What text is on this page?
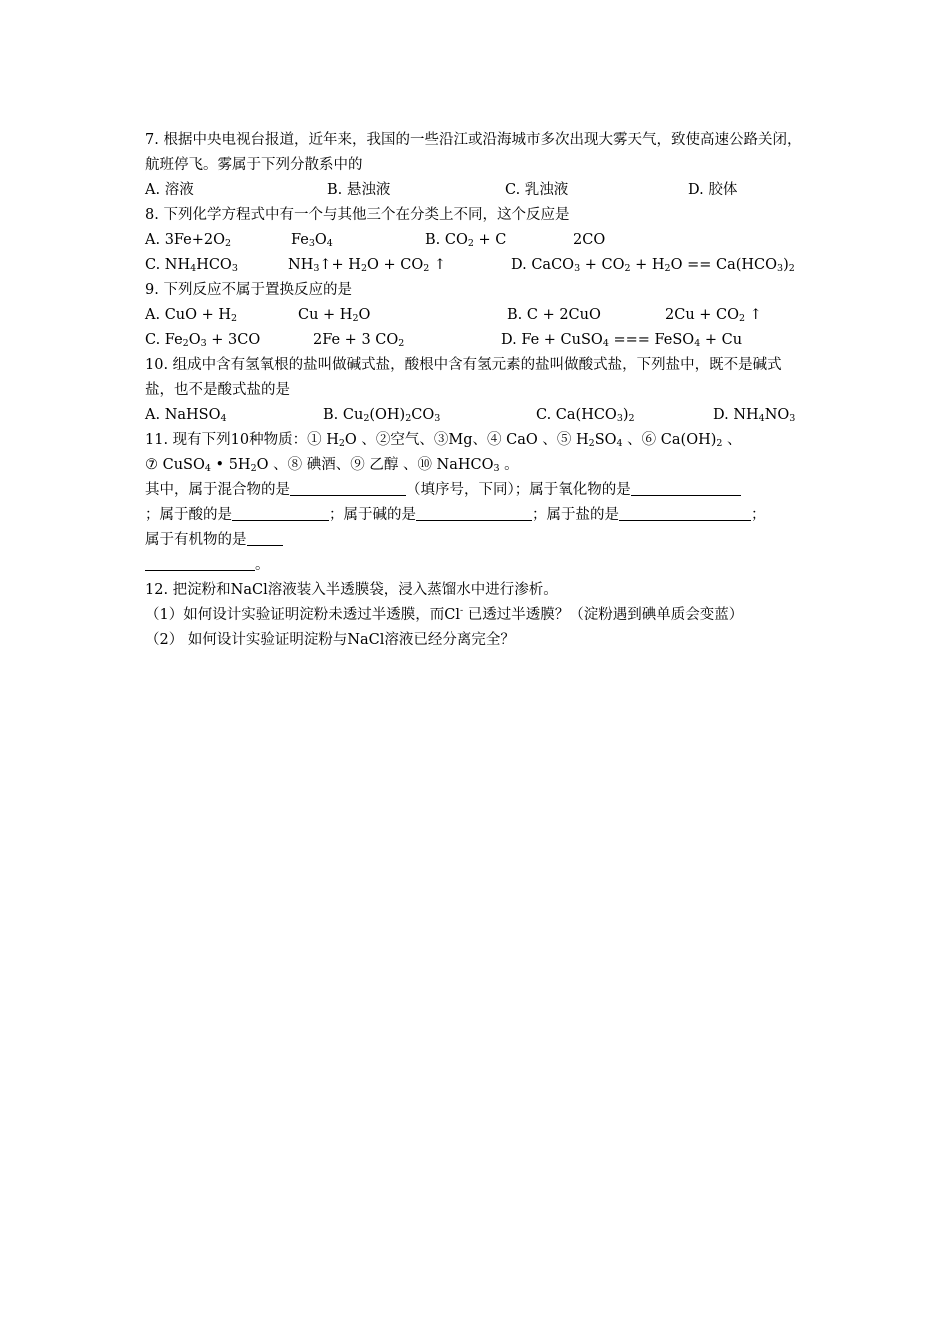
7. 根据中央电视台报道，近年来，我国的一些沿江或沿海城市多次出现大雾天气，致使高速公路关闭，航班停飞。雾属于下列分散系中的
A. 溶液	B. 悬浊液	C. 乳浊液	D. 胶体
8. 下列化学方程式中有一个与其他三个在分类上不同，这个反应是
A. $3Fe+2O_2$	$Fe_3O_4$	B. $CO_2 + C$	2CO
C. $NH_4HCO_3$	$NH_3↑+ H_2O + CO_2$ ↑	D. CaCO$_3$ + $CO_2 + H_2O == Ca(HCO_3)_2$
9. 下列反应不属于置换反应的是
A. CuO + $H_2$	$Cu + H_2O$	B. C + 2CuO	$2Cu + CO_2$ ↑
C. $Fe_2O_3 + 3CO$	2Fe + 3 $CO_2$	D. Fe + CuSO$_4$ === FeSO$_4$ + Cu
10. 组成中含有氢氧根的盐叫做碱式盐，酸根中含有氢元素的盐叫做酸式盐，下列盐中，既不是碱式盐，也不是酸式盐的是
A. NaHSO$_4$	B. $Cu_2(OH)_2CO_3$	C. $Ca(HCO_3)_2$	D. $NH_4NO_3$
11. 现有下列10种物质：① $H_2O$ 、②空气、③Mg、④ CaO 、⑤ $H_2SO_4$ 、⑥ $Ca(OH)_2$ 、
⑦ CuSO$_4$ • $5H_2O$ 、⑧ 碘酒、⑨ 乙醇 、⑩ NaHCO$_3$ 。
其中，属于混合物的是	（填序号，下同）；属于氧化物的是
；属于酸的是	；属于碱的是	；属于盐的是	；
属于有机物的是
。
12. 把淀粉和NaCl溶液装入半透膜袋，浸入蒸馏水中进行渗析。
（1）如何设计实验证明淀粉未透过半透膜，而Cl- 已透过半透膜？（淀粉遇到碘单质会变蓝）
（2） 如何设计实验证明淀粉与NaCl溶液已经分离完全？
